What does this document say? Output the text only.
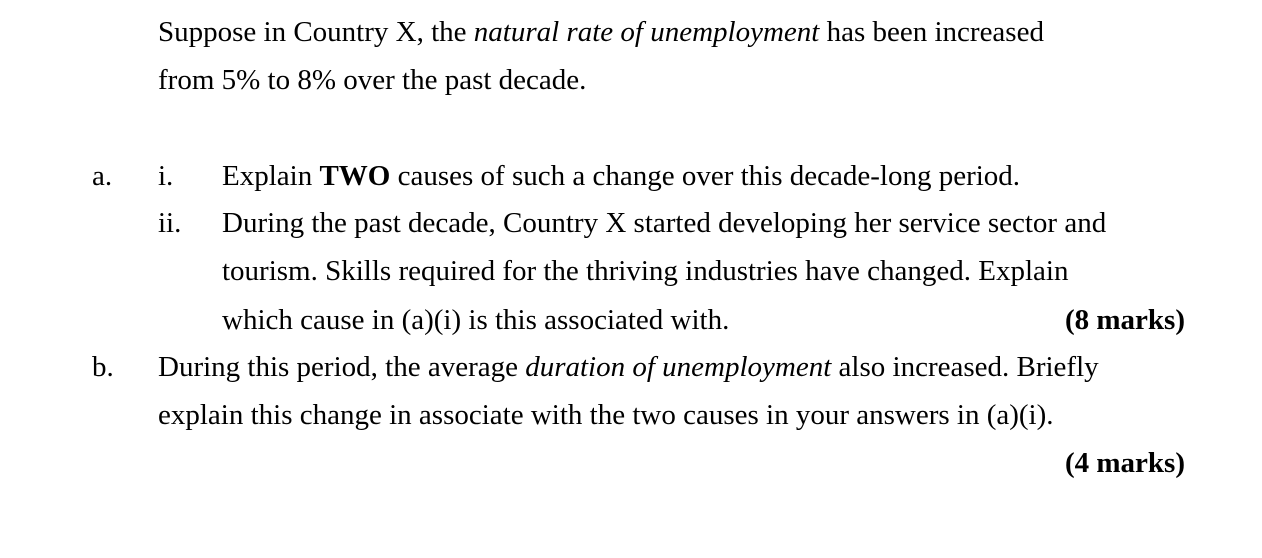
Suppose in Country X, the natural rate of unemployment has been increased
from 5% to 8% over the past decade.
a. i. Explain TWO causes of such a change over this decade-long period.
ii. During the past decade, Country X started developing her service sector and
tourism. Skills required for the thriving industries have changed. Explain
which cause in (a)(i) is this associated with.	(8 marks)
b. During this period, the average duration of unemployment also increased. Briefly
explain this change in associate with the two causes in your answers in (a)(i).
(4 marks)
